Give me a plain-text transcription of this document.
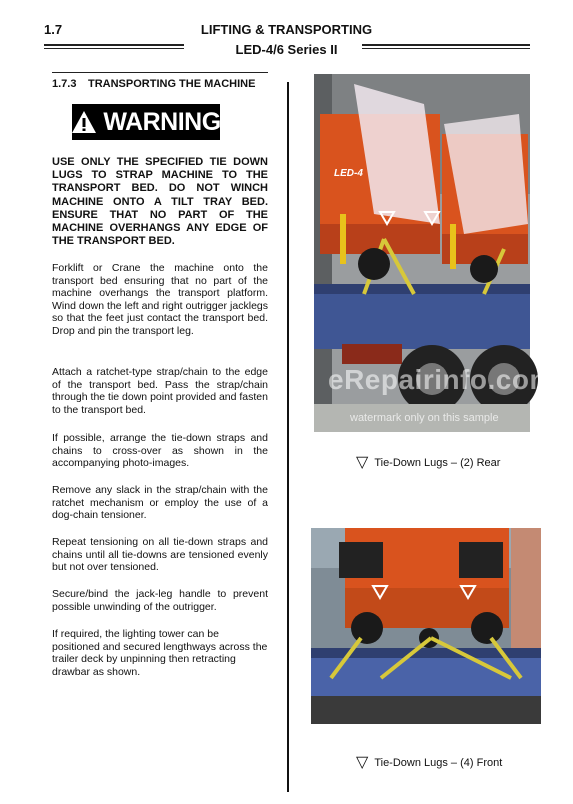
1.7	LIFTING & TRANSPORTING
LED-4/6 Series II
1.7.3 TRANSPORTING THE MACHINE
WARNING
USE ONLY THE SPECIFIED TIE DOWN LUGS TO STRAP MACHINE TO THE TRANSPORT BED. DO NOT WINCH MACHINE ONTO A TILT TRAY BED. ENSURE THAT NO PART OF THE MACHINE OVERHANGS ANY EDGE OF THE TRANSPORT BED.
Forklift or Crane the machine onto the transport bed ensuring that no part of the machine overhangs the transport platform. Wind down the left and right outrigger jacklegs so that the feet just contact the transport bed. Drop and pin the transport leg.
Attach a ratchet-type strap/chain to the edge of the transport bed. Pass the strap/chain through the tie down point provided and fasten to the transport bed.
If possible, arrange the tie-down straps and chains to cross-over as shown in the accompanying photo-images.
Remove any slack in the strap/chain with the ratchet mechanism or employ the use of a dog-chain tensioner.
Repeat tensioning on all tie-down straps and chains until all tie-downs are tensioned evenly but not over tensioned.
Secure/bind the jack-leg handle to prevent possible unwinding of the outrigger.
If required, the lighting tower can be positioned and secured lengthways across the trailer deck by unpinning then retracting drawbar as shown.
LED-4
eRepairinfo.com
watermark only on this sample
▽ Tie-Down Lugs – (2) Rear
▽ Tie-Down Lugs – (4) Front
